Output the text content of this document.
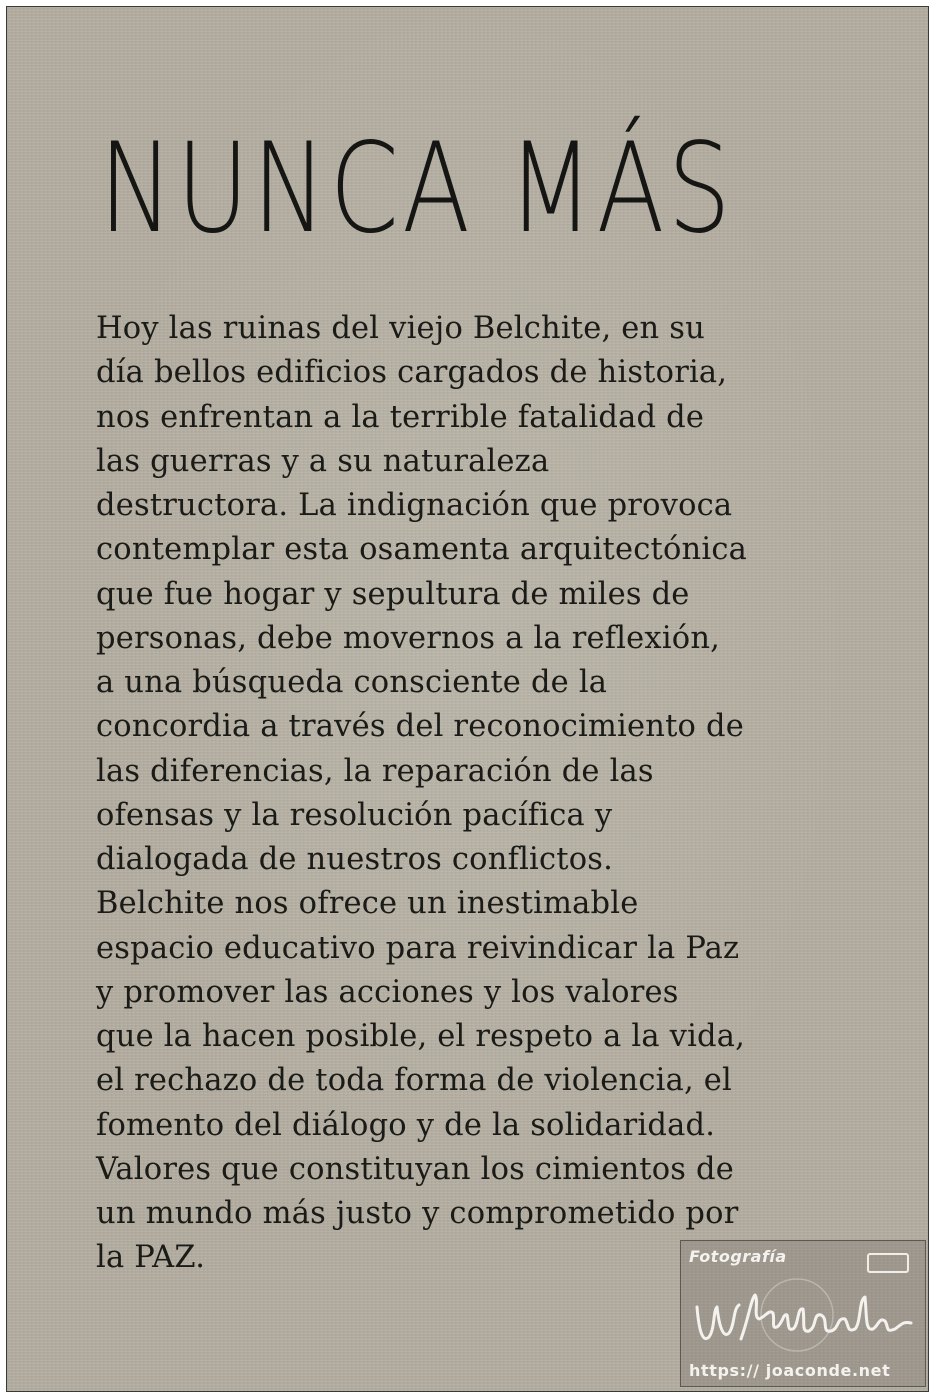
NUNCA MÁS

Hoy las ruinas del viejo Belchite, en su
día bellos edificios cargados de historia,
nos enfrentan a la terrible fatalidad de
las guerras y a su naturaleza
destructora. La indignación que provoca
contemplar esta osamenta arquitectónica
que fue hogar y sepultura de miles de
personas, debe movernos a la reflexión,
a una búsqueda consciente de la
concordia a través del reconocimiento de
las diferencias, la reparación de las
ofensas y la resolución pacífica y
dialogada de nuestros conflictos.
Belchite nos ofrece un inestimable
espacio educativo para reivindicar la Paz
y promover las acciones y los valores
que la hacen posible, el respeto a la vida,
el rechazo de toda forma de violencia, el
fomento del diálogo y de la solidaridad.
Valores que constituyan los cimientos de
un mundo más justo y comprometido por
la PAZ.	Fotografía
https:// joaconde.net
